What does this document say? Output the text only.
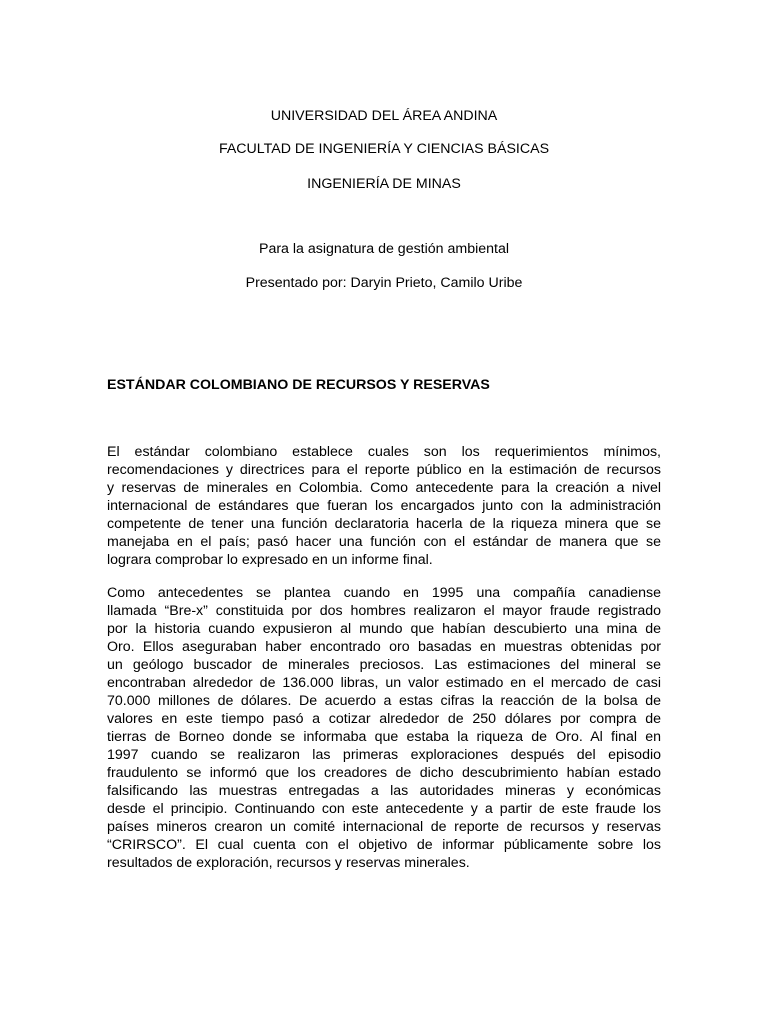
UNIVERSIDAD DEL ÁREA ANDINA
FACULTAD DE INGENIERÍA Y CIENCIAS BÁSICAS
INGENIERÍA DE MINAS
Para la asignatura de gestión ambiental
Presentado por: Daryin Prieto, Camilo Uribe
ESTÁNDAR COLOMBIANO DE RECURSOS Y RESERVAS
El estándar colombiano establece cuales son los requerimientos mínimos,
recomendaciones y directrices para el reporte público en la estimación de recursos
y reservas de minerales en Colombia. Como antecedente para la creación a nivel
internacional de estándares que fueran los encargados junto con la administración
competente de tener una función declaratoria hacerla de la riqueza minera que se
manejaba en el país; pasó hacer una función con el estándar de manera que se
lograra comprobar lo expresado en un informe final.
Como antecedentes se plantea cuando en 1995 una compañía canadiense
llamada “Bre-x” constituida por dos hombres realizaron el mayor fraude registrado
por la historia cuando expusieron al mundo que habían descubierto una mina de
Oro. Ellos aseguraban haber encontrado oro basadas en muestras obtenidas por
un geólogo buscador de minerales preciosos. Las estimaciones del mineral se
encontraban alrededor de 136.000 libras, un valor estimado en el mercado de casi
70.000 millones de dólares. De acuerdo a estas cifras la reacción de la bolsa de
valores en este tiempo pasó a cotizar alrededor de 250 dólares por compra de
tierras de Borneo donde se informaba que estaba la riqueza de Oro. Al final en
1997 cuando se realizaron las primeras exploraciones después del episodio
fraudulento se informó que los creadores de dicho descubrimiento habían estado
falsificando las muestras entregadas a las autoridades mineras y económicas
desde el principio. Continuando con este antecedente y a partir de este fraude los
países mineros crearon un comité internacional de reporte de recursos y reservas
“CRIRSCO”. El cual cuenta con el objetivo de informar públicamente sobre los
resultados de exploración, recursos y reservas minerales.
